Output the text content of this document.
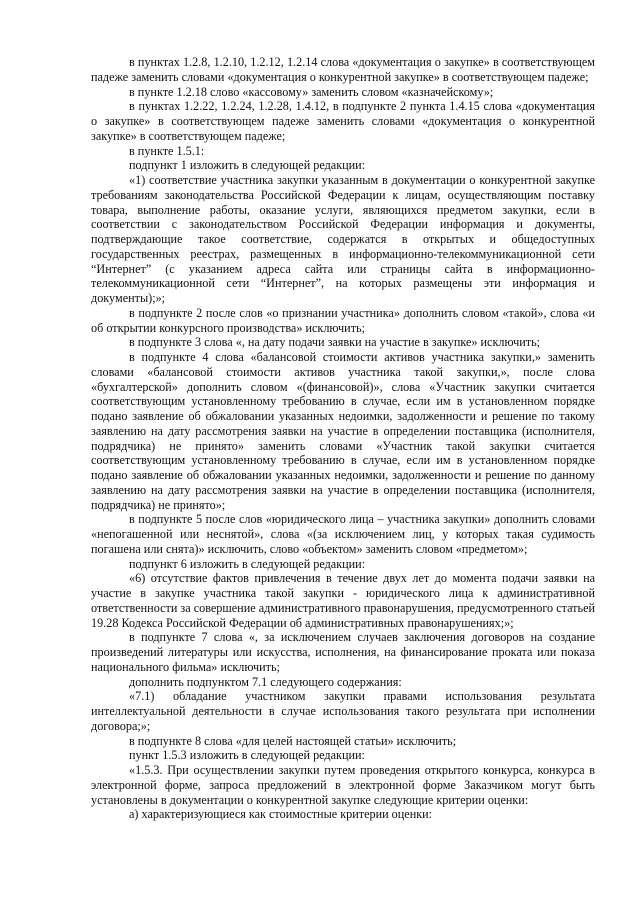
в пунктах 1.2.8, 1.2.10, 1.2.12, 1.2.14 слова «документация о закупке» в соответствующем падеже заменить словами «документация о конкурентной закупке» в соответствующем падеже;

в пункте 1.2.18 слово «кассовому» заменить словом «казначейскому»;

в пунктах 1.2.22, 1.2.24, 1.2.28, 1.4.12, в подпункте 2 пункта 1.4.15 слова «документация о закупке» в соответствующем падеже заменить словами «документация о конкурентной закупке» в соответствующем падеже;

в пункте 1.5.1:

подпункт 1 изложить в следующей редакции:

«1) соответствие участника закупки указанным в документации о конкурентной закупке требованиям законодательства Российской Федерации к лицам, осуществляющим поставку товара, выполнение работы, оказание услуги, являющихся предметом закупки, если в соответствии с законодательством Российской Федерации информация и документы, подтверждающие такое соответствие, содержатся в открытых и общедоступных государственных реестрах, размещенных в информационно-телекоммуникационной сети “Интернет” (с указанием адреса сайта или страницы сайта в информационно-телекоммуникационной сети “Интернет”, на которых размещены эти информация и документы);»;

в подпункте 2 после слов «о признании участника» дополнить словом «такой», слова «и об открытии конкурсного производства» исключить;

в подпункте 3 слова «, на дату подачи заявки на участие в закупке» исключить;

в подпункте 4 слова «балансовой стоимости активов участника закупки,» заменить словами «балансовой стоимости активов участника такой закупки,», после слова «бухгалтерской» дополнить словом «(финансовой)», слова «Участник закупки считается соответствующим установленному требованию в случае, если им в установленном порядке подано заявление об обжаловании указанных недоимки, задолженности и решение по такому заявлению на дату рассмотрения заявки на участие в определении поставщика (исполнителя, подрядчика) не принято» заменить словами «Участник такой закупки считается соответствующим установленному требованию в случае, если им в установленном порядке подано заявление об обжаловании указанных недоимки, задолженности и решение по данному заявлению на дату рассмотрения заявки на участие в определении поставщика (исполнителя, подрядчика) не принято»;

в подпункте 5 после слов «юридического лица – участника закупки» дополнить словами «непогашенной или неснятой», слова «(за исключением лиц, у которых такая судимость погашена или снята)» исключить, слово «объектом» заменить словом «предметом»;

подпункт 6 изложить в следующей редакции:

«6) отсутствие фактов привлечения в течение двух лет до момента подачи заявки на участие в закупке участника такой закупки - юридического лица к административной ответственности за совершение административного правонарушения, предусмотренного статьей 19.28 Кодекса Российской Федерации об административных правонарушениях;»;

в подпункте 7 слова «, за исключением случаев заключения договоров на создание произведений литературы или искусства, исполнения, на финансирование проката или показа национального фильма» исключить;

дополнить подпунктом 7.1 следующего содержания:

«7.1) обладание участником закупки правами использования результата интеллектуальной деятельности в случае использования такого результата при исполнении договора;»;

в подпункте 8 слова «для целей настоящей статьи» исключить;

пункт 1.5.3 изложить в следующей редакции:

«1.5.3. При осуществлении закупки путем проведения открытого конкурса, конкурса в электронной форме, запроса предложений в электронной форме Заказчиком могут быть установлены в документации о конкурентной закупке следующие критерии оценки:

а) характеризующиеся как стоимостные критерии оценки:
